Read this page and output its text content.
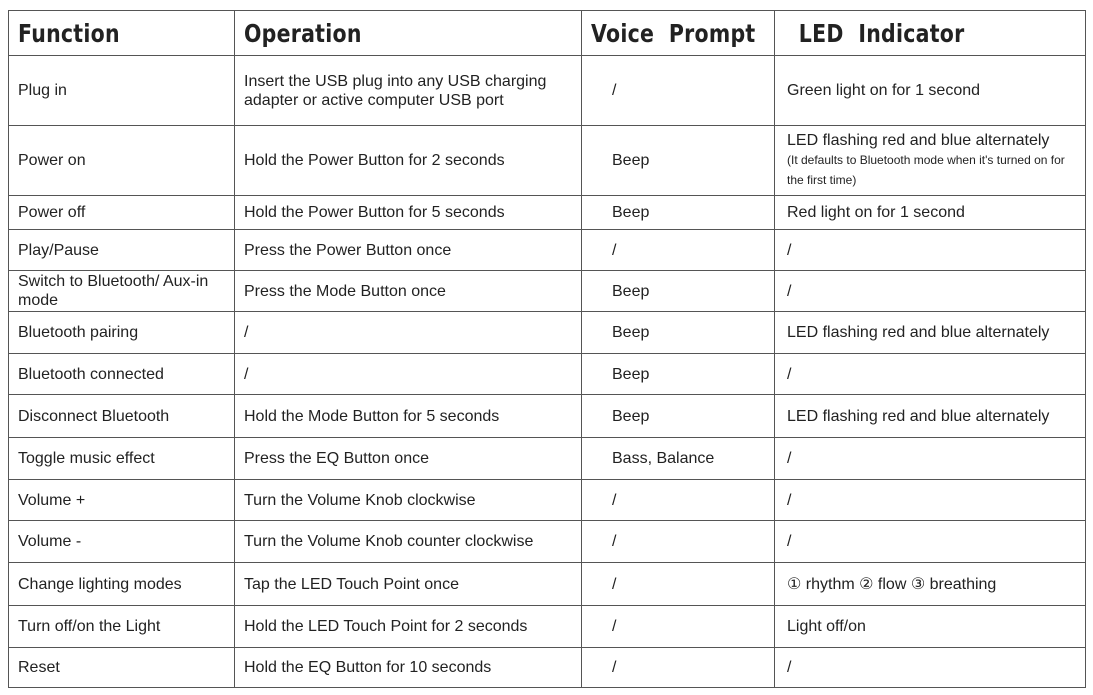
Function	Operation	Voice  Prompt	LED  Indicator
Plug in	Insert the USB plug into any USB charging adapter or active computer USB port	/	Green light on for 1 second
Power on	Hold the Power Button for 2 seconds	Beep	LED flashing red and blue alternately
(It defaults to Bluetooth mode when it's turned on for the first time)

Power off	Hold the Power Button for 5 seconds	Beep	Red light on for 1 second
Play/Pause	Press the Power Button once	/	/
Switch to Bluetooth/ Aux-in mode	Press the Mode Button once	Beep	/
Bluetooth pairing	/	Beep	LED flashing red and blue alternately
Bluetooth connected	/	Beep	/
Disconnect Bluetooth	Hold the Mode Button for 5 seconds	Beep	LED flashing red and blue alternately
Toggle music effect	Press the EQ Button once	Bass, Balance	/
Volume +	Turn the Volume Knob clockwise	/	/
Volume -	Turn the Volume Knob counter clockwise	/	/
Change lighting modes	Tap the LED Touch Point once	/	① rhythm ② flow ③ breathing
Turn off/on the Light	Hold the LED Touch Point for 2 seconds	/	Light off/on
Reset	Hold the EQ Button for 10 seconds	/	/
